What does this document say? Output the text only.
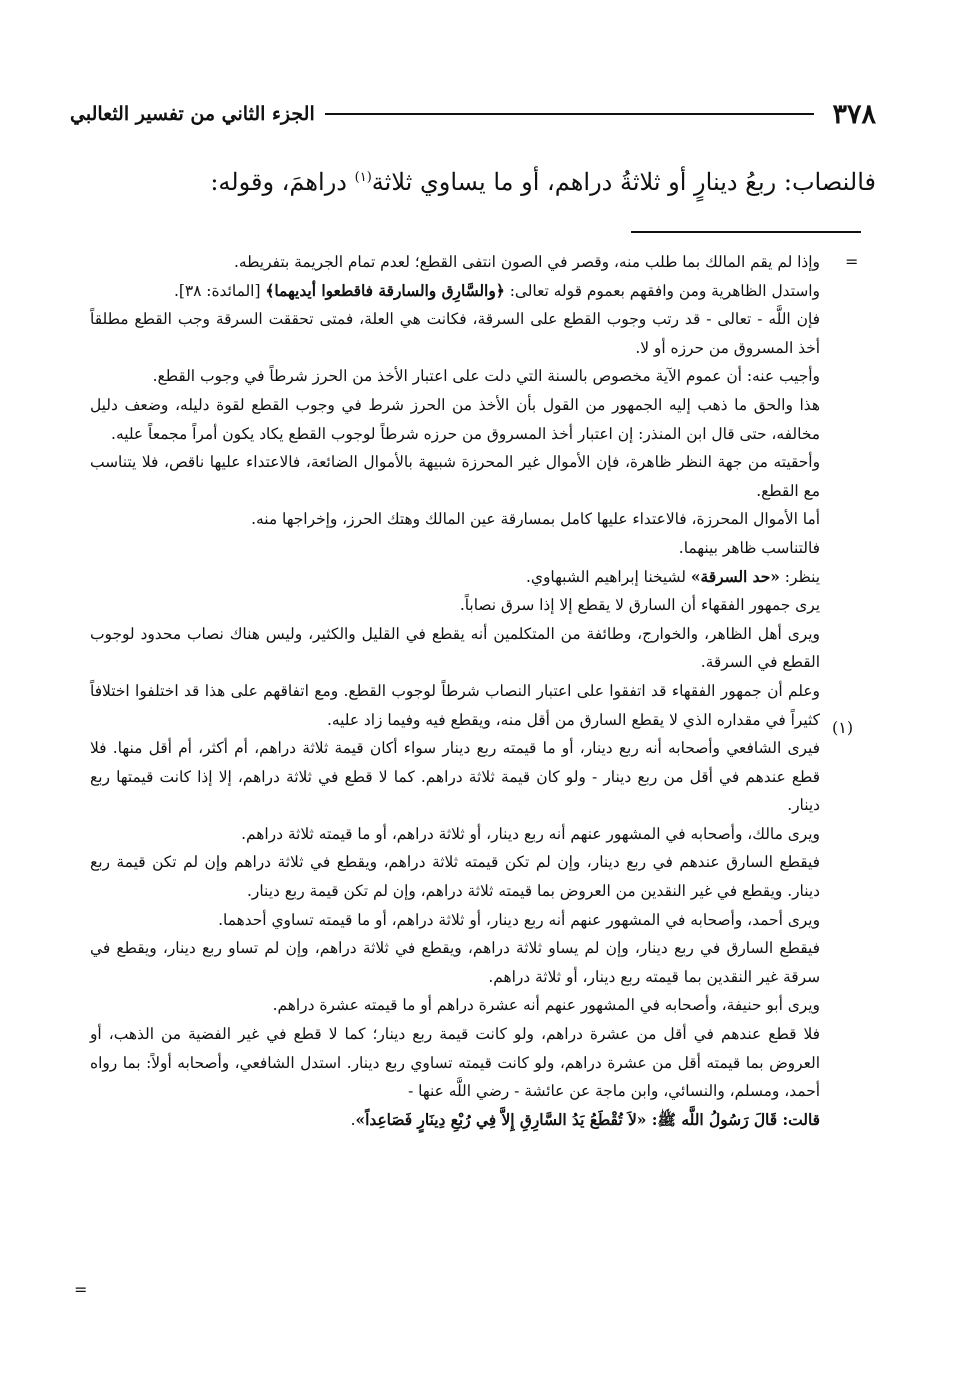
٣٧٨
الجزء الثاني من تفسير الثعالبي
فالنصاب: ربعُ دينارٍ أو ثلاثةُ دراهم، أو ما يساوي ثلاثة$^{(١)}$ دراهمَ، وقوله:
=
(١)
=

وإذا لم يقم المالك بما طلب منه، وقصر في الصون انتفى القطع؛ لعدم تمام الجريمة بتفريطه.

واستدل الظاهرية ومن وافقهم بعموم قوله تعالى: ﴿والسَّارِق والسارقة فاقطعوا أيديهما﴾ [المائدة: ٣٨].

فإن اللَّه - تعالى - قد رتب وجوب القطع على السرقة، فكانت هي العلة، فمتى تحققت السرقة وجب القطع مطلقاً أخذ المسروق من حرزه أو لا.

وأجيب عنه: أن عموم الآية مخصوص بالسنة التي دلت على اعتبار الأخذ من الحرز شرطاً في وجوب القطع.

هذا والحق ما ذهب إليه الجمهور من القول بأن الأخذ من الحرز شرط في وجوب القطع لقوة دليله، وضعف دليل مخالفه، حتى قال ابن المنذر: إن اعتبار أخذ المسروق من حرزه شرطاً لوجوب القطع يكاد يكون أمراً مجمعاً عليه.

وأحقيته من جهة النظر ظاهرة، فإن الأموال غير المحرزة شبيهة بالأموال الضائعة، فالاعتداء عليها ناقص، فلا يتناسب مع القطع.

أما الأموال المحرزة، فالاعتداء عليها كامل بمسارقة عين المالك وهتك الحرز، وإخراجها منه.

فالتناسب ظاهر بينهما.

ينظر: «حد السرقة» لشيخنا إبراهيم الشبهاوي.

يرى جمهور الفقهاء أن السارق لا يقطع إلا إذا سرق نصاباً.

ويرى أهل الظاهر، والخوارج، وطائفة من المتكلمين أنه يقطع في القليل والكثير، وليس هناك نصاب محدود لوجوب القطع في السرقة.

وعلم أن جمهور الفقهاء قد اتفقوا على اعتبار النصاب شرطاً لوجوب القطع. ومع اتفاقهم على هذا قد اختلفوا اختلافاً كثيراً في مقداره الذي لا يقطع السارق من أقل منه، ويقطع فيه وفيما زاد عليه.

فيرى الشافعي وأصحابه أنه ربع دينار، أو ما قيمته ربع دينار سواء أكان قيمة ثلاثة دراهم، أم أكثر، أم أقل منها. فلا قطع عندهم في أقل من ربع دينار - ولو كان قيمة ثلاثة دراهم. كما لا قطع في ثلاثة دراهم، إلا إذا كانت قيمتها ربع دينار.

ويرى مالك، وأصحابه في المشهور عنهم أنه ربع دينار، أو ثلاثة دراهم، أو ما قيمته ثلاثة دراهم.

فيقطع السارق عندهم في ربع دينار، وإن لم تكن قيمته ثلاثة دراهم، ويقطع في ثلاثة دراهم وإن لم تكن قيمة ربع دينار. ويقطع في غير النقدين من العروض بما قيمته ثلاثة دراهم، وإن لم تكن قيمة ربع دينار.

ويرى أحمد، وأصحابه في المشهور عنهم أنه ربع دينار، أو ثلاثة دراهم، أو ما قيمته تساوي أحدهما.

فيقطع السارق في ربع دينار، وإن لم يساو ثلاثة دراهم، ويقطع في ثلاثة دراهم، وإن لم تساو ربع دينار، ويقطع في سرقة غير النقدين بما قيمته ربع دينار، أو ثلاثة دراهم.

ويرى أبو حنيفة، وأصحابه في المشهور عنهم أنه عشرة دراهم أو ما قيمته عشرة دراهم.

فلا قطع عندهم في أقل من عشرة دراهم، ولو كانت قيمة ربع دينار؛ كما لا قطع في غير الفضية من الذهب، أو العروض بما قيمته أقل من عشرة دراهم، ولو كانت قيمته تساوي ربع دينار. استدل الشافعي، وأصحابه أولاً: بما رواه أحمد، ومسلم، والنسائي، وابن ماجة عن عائشة - رضي اللَّه عنها -

قالت: قَالَ رَسُولُ اللَّه ﷺ: «لاَ تُقْطَعُ يَدُ السَّارِقِ إِلاَّ فِي رُبْعِ دِينَارٍ فَصَاعِداً».
